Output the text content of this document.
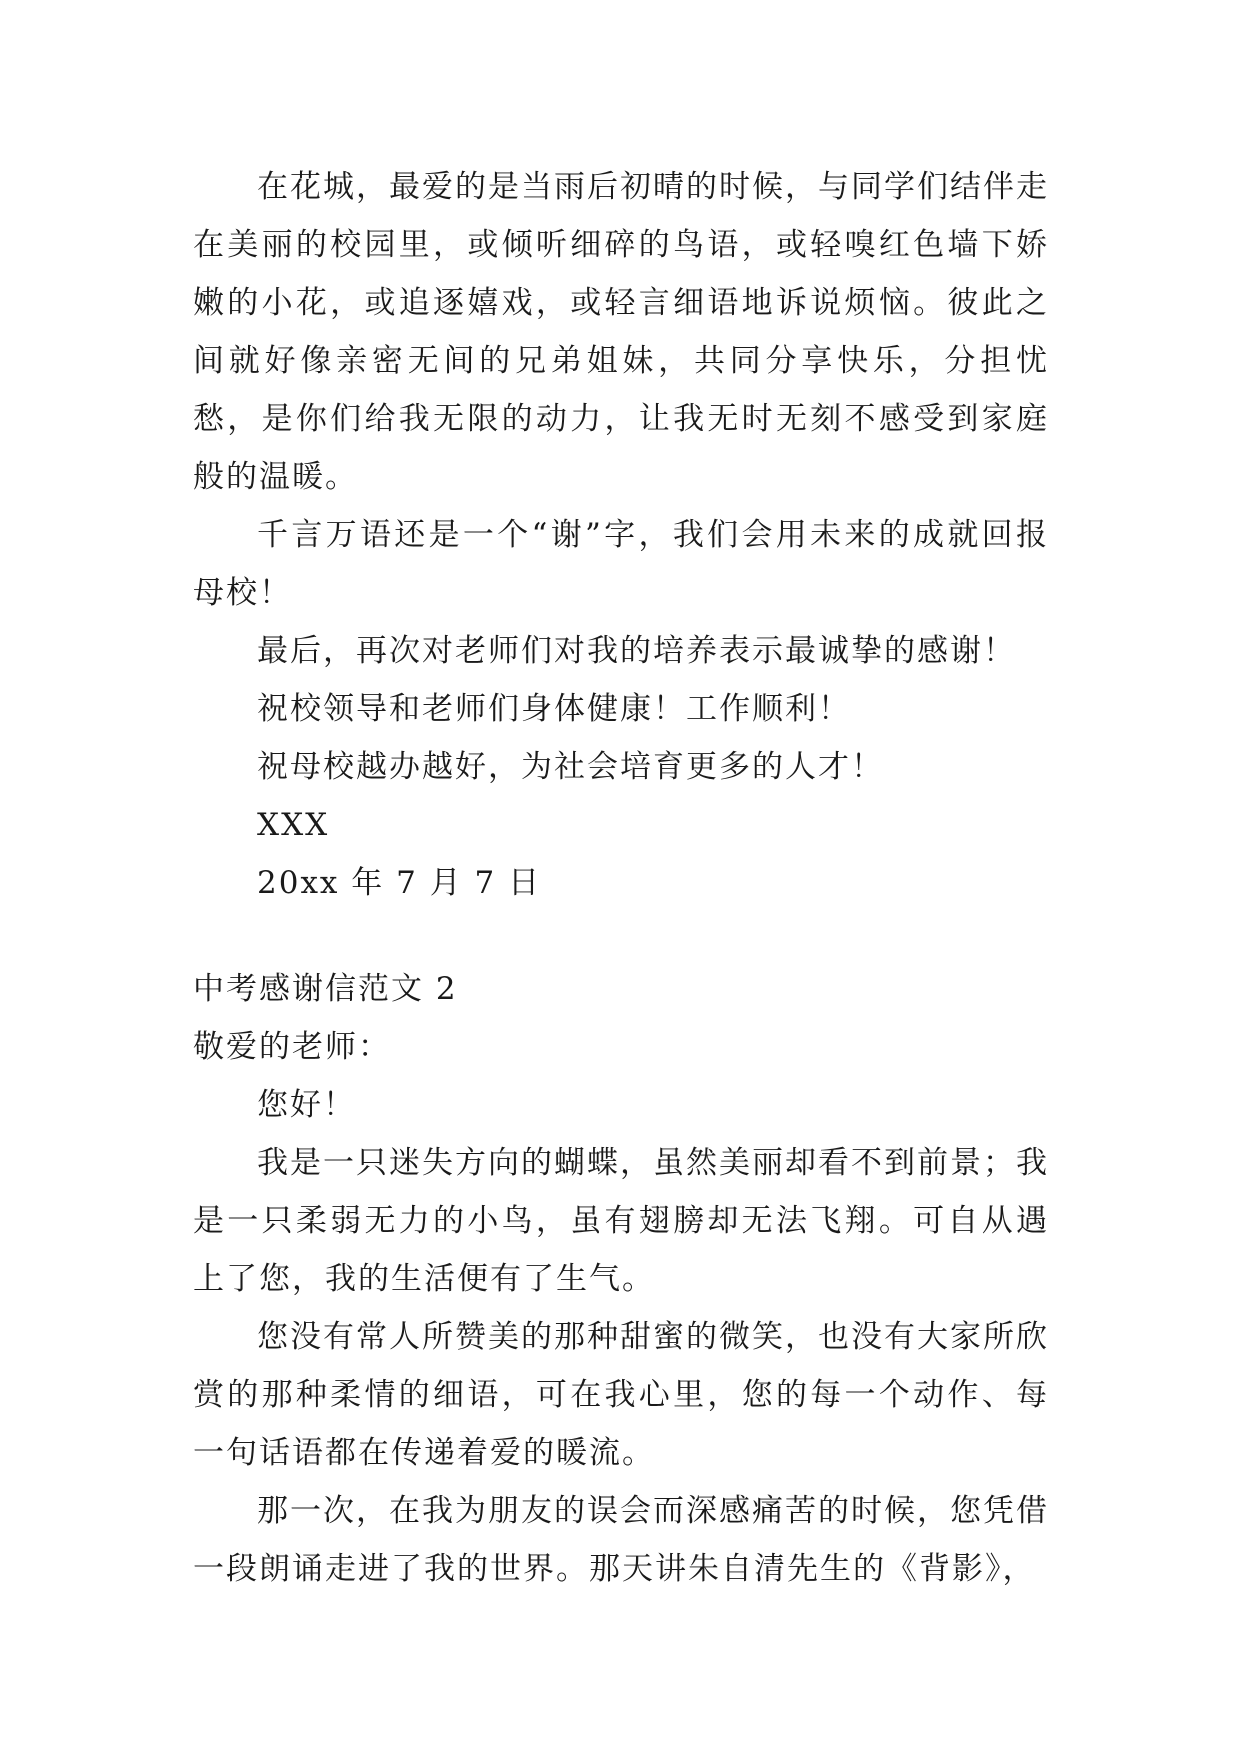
在花城，最爱的是当雨后初晴的时候，与同学们结伴走在美丽的校园里，或倾听细碎的鸟语，或轻嗅红色墙下娇嫩的小花，或追逐嬉戏，或轻言细语地诉说烦恼。彼此之间就好像亲密无间的兄弟姐妹，共同分享快乐，分担忧愁，是你们给我无限的动力，让我无时无刻不感受到家庭般的温暖。

千言万语还是一个“谢”字，我们会用未来的成就回报母校！

最后，再次对老师们对我的培养表示最诚挚的感谢！

祝校领导和老师们身体健康！工作顺利！

祝母校越办越好，为社会培育更多的人才！

XXX

20xx 年 7 月 7 日

中考感谢信范文 2

敬爱的老师：

您好！

我是一只迷失方向的蝴蝶，虽然美丽却看不到前景；我是一只柔弱无力的小鸟，虽有翅膀却无法飞翔。可自从遇上了您，我的生活便有了生气。

您没有常人所赞美的那种甜蜜的微笑，也没有大家所欣赏的那种柔情的细语，可在我心里，您的每一个动作、每一句话语都在传递着爱的暖流。

那一次，在我为朋友的误会而深感痛苦的时候，您凭借一段朗诵走进了我的世界。那天讲朱自清先生的《背影》，
